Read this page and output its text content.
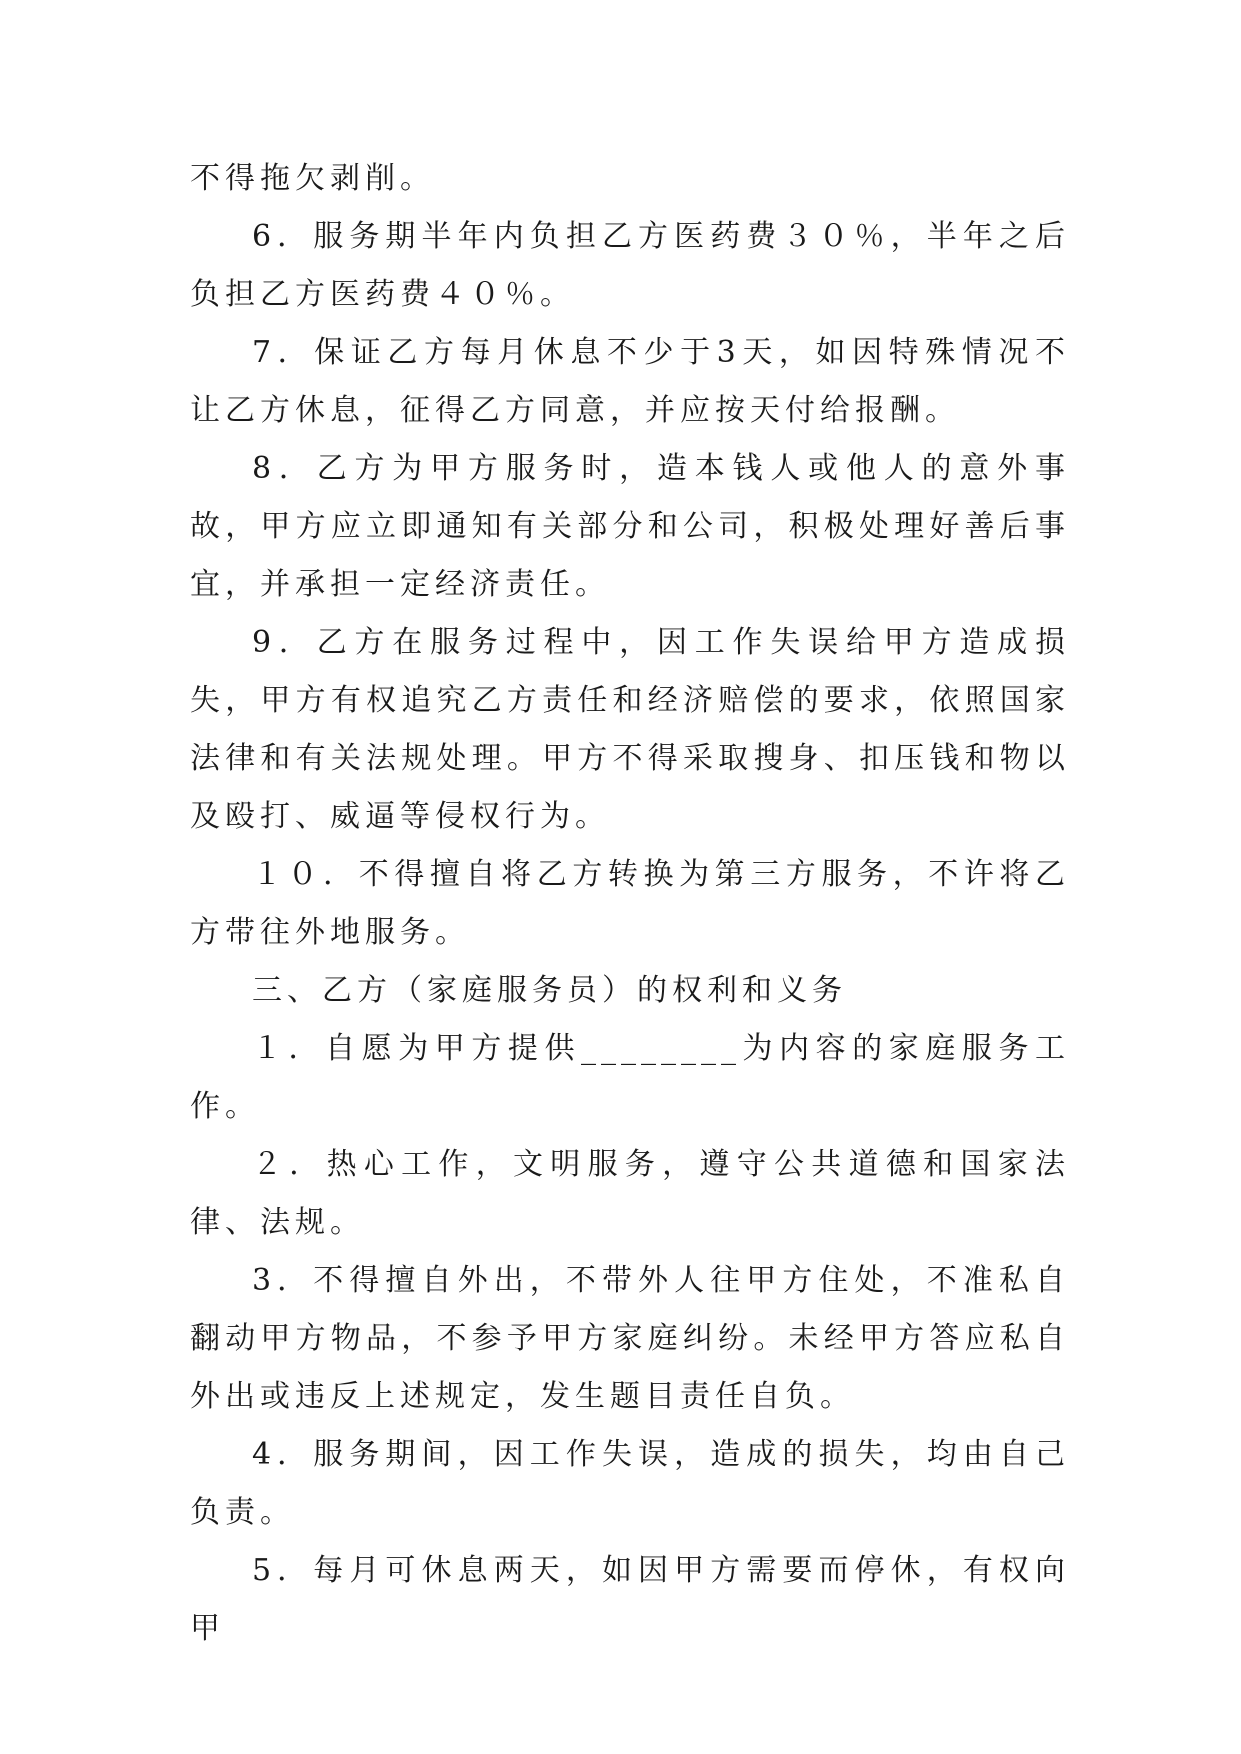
不得拖欠剥削。

6．服务期半年内负担乙方医药费３０％，半年之后负担乙方医药费４０％。

7．保证乙方每月休息不少于3天，如因特殊情况不让乙方休息，征得乙方同意，并应按天付给报酬。

8．乙方为甲方服务时，造本钱人或他人的意外事故，甲方应立即通知有关部分和公司，积极处理好善后事宜，并承担一定经济责任。

9．乙方在服务过程中，因工作失误给甲方造成损失，甲方有权追究乙方责任和经济赔偿的要求，依照国家法律和有关法规处理。甲方不得采取搜身、扣压钱和物以及殴打、威逼等侵权行为。

１０．不得擅自将乙方转换为第三方服务，不许将乙方带往外地服务。

三、乙方（家庭服务员）的权利和义务

１．自愿为甲方提供________为内容的家庭服务工作。

２．热心工作，文明服务，遵守公共道德和国家法律、法规。

3．不得擅自外出，不带外人往甲方住处，不准私自翻动甲方物品，不参予甲方家庭纠纷。未经甲方答应私自外出或违反上述规定，发生题目责任自负。

4．服务期间，因工作失误，造成的损失，均由自己负责。

5．每月可休息两天，如因甲方需要而停休，有权向甲
